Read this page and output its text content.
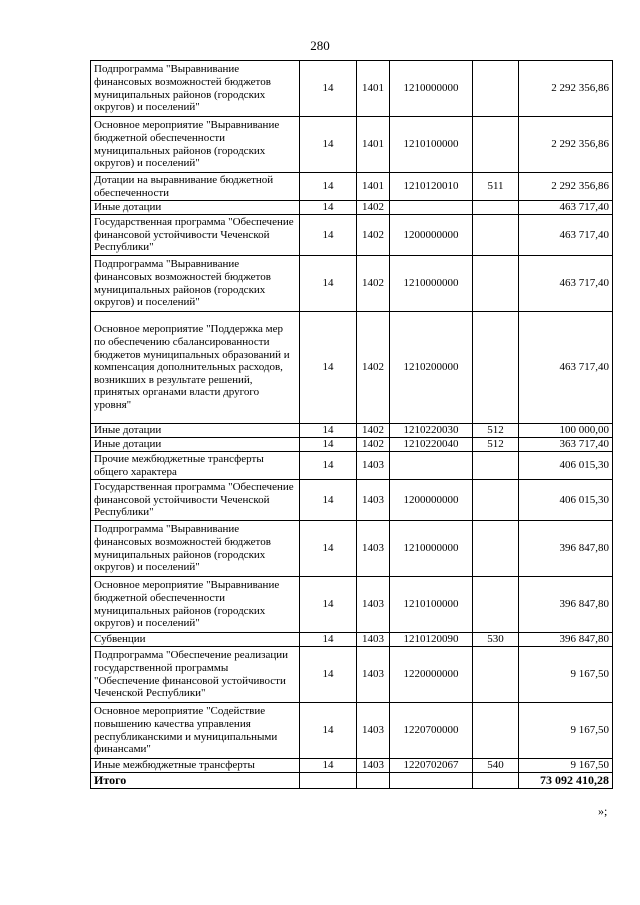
280
Подпрограмма "Выравнивание финансовых возможностей бюджетов муниципальных районов (городских округов) и поселений"	14	1401	1210000000		2 292 356,86
Основное мероприятие "Выравнивание бюджетной обеспеченности муниципальных районов (городских округов) и поселений"	14	1401	1210100000		2 292 356,86
Дотации на выравнивание бюджетной обеспеченности	14	1401	1210120010	511	2 292 356,86
Иные дотации	14	1402			463 717,40
Государственная программа "Обеспечение финансовой устойчивости Чеченской Республики"	14	1402	1200000000		463 717,40
Подпрограмма "Выравнивание финансовых возможностей бюджетов муниципальных районов (городских округов) и поселений"	14	1402	1210000000		463 717,40
Основное мероприятие "Поддержка мер по обеспечению сбалансированности бюджетов муниципальных образований и компенсация дополнительных расходов, возникших в результате решений, принятых органами власти другого уровня"	14	1402	1210200000		463 717,40
Иные дотации	14	1402	1210220030	512	100 000,00
Иные дотации	14	1402	1210220040	512	363 717,40
Прочие межбюджетные трансферты общего характера	14	1403			406 015,30
Государственная программа "Обеспечение финансовой устойчивости Чеченской Республики"	14	1403	1200000000		406 015,30
Подпрограмма "Выравнивание финансовых возможностей бюджетов муниципальных районов (городских округов) и поселений"	14	1403	1210000000		396 847,80
Основное мероприятие "Выравнивание бюджетной обеспеченности муниципальных районов (городских округов) и поселений"	14	1403	1210100000		396 847,80
Субвенции	14	1403	1210120090	530	396 847,80
Подпрограмма "Обеспечение реализации государственной программы "Обеспечение финансовой устойчивости Чеченской Республики"	14	1403	1220000000		9 167,50
Основное мероприятие "Содействие повышению качества управления республиканскими и муниципальными финансами"	14	1403	1220700000		9 167,50
Иные межбюджетные трансферты	14	1403	1220702067	540	9 167,50
Итого					73 092 410,28
»;
